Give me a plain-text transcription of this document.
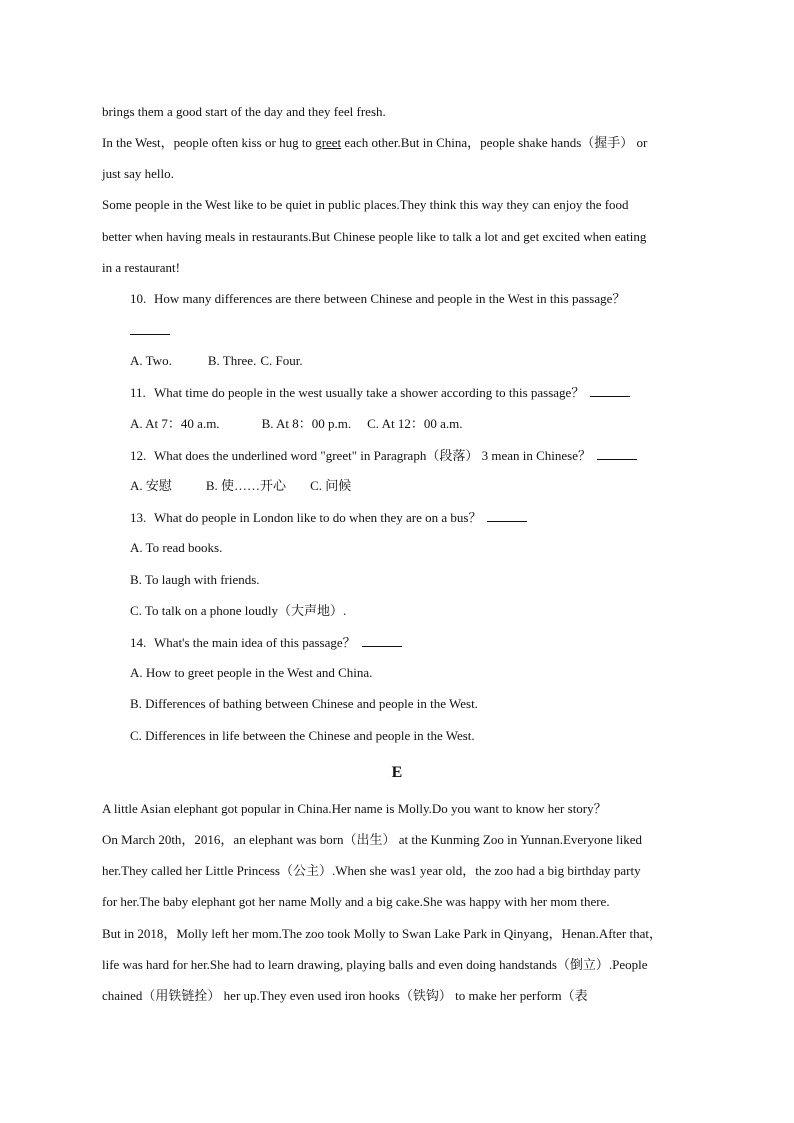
brings them a good start of the day and they feel fresh.
In the West，people often kiss or hug to greet each other.But in China，people shake hands（握手） or
just say hello.
Some people in the West like to be quiet in public places.They think this way they can enjoy the food
better when having meals in restaurants.But Chinese people like to talk a lot and get excited when eating
in a restaurant!
10. How many differences are there between Chinese and people in the West in this passage？
A. Two.	B. Three. C. Four.
11. What time do people in the west usually take a shower according to this passage？
A. At 7：40 a.m.	B. At 8：00 p.m. C. At 12：00 a.m.
12. What does the underlined word "greet" in Paragraph（段落） 3 mean in Chinese？
A. 安慰	B. 使……开心 C. 问候
13. What do people in London like to do when they are on a bus？
A. To read books.
B. To laugh with friends.
C. To talk on a phone loudly（大声地）.
14. What's the main idea of this passage？
A. How to greet people in the West and China.
B. Differences of bathing between Chinese and people in the West.
C. Differences in life between the Chinese and people in the West.
E
A little Asian elephant got popular in China.Her name is Molly.Do you want to know her story？
On March 20th，2016，an elephant was born（出生） at the Kunming Zoo in Yunnan.Everyone liked
her.They called her Little Princess（公主）.When she was1 year old，the zoo had a big birthday party
for her.The baby elephant got her name Molly and a big cake.She was happy with her mom there.
But in 2018，Molly left her mom.The zoo took Molly to Swan Lake Park in Qinyang，Henan.After that，
life was hard for her.She had to learn drawing, playing balls and even doing handstands（倒立）.People
chained（用铁链拴） her up.They even used iron hooks（铁钩） to make her perform（表
